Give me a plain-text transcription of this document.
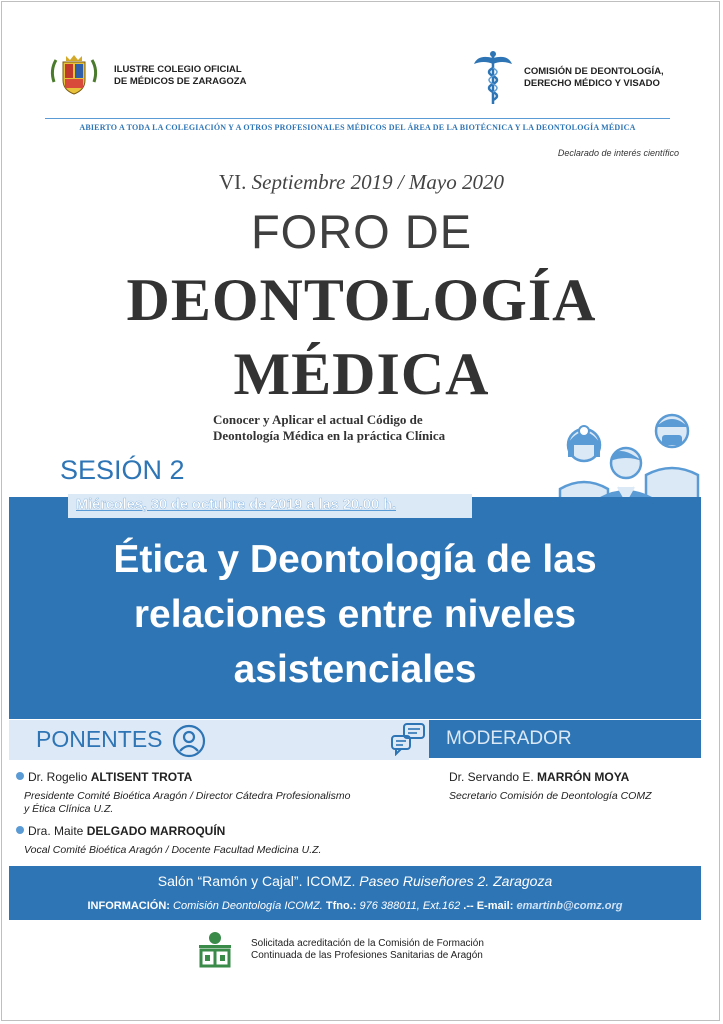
ILUSTRE COLEGIO OFICIAL
DE MÉDICOS DE ZARAGOZA
COMISIÓN DE DEONTOLOGÍA,
DERECHO MÉDICO Y VISADO
ABIERTO A TODA LA COLEGIACIÓN Y A OTROS PROFESIONALES MÉDICOS DEL ÁREA DE LA BIOTÉCNICA Y LA DEONTOLOGÍA MÉDICA
Declarado de interés científico
VI. Septiembre 2019 / Mayo 2020
FORO DE
DEONTOLOGÍA
MÉDICA
Conocer y Aplicar el actual Código de
Deontología Médica en la práctica Clínica
SESIÓN 2
Miércoles, 30 de octubre de 2019 a las 20.00 h.
Ética y Deontología de las
relaciones entre niveles
asistenciales
PONENTES	MODERADOR
Dr. Rogelio ALTISENT TROTA
Presidente Comité Bioética Aragón / Director Cátedra Profesionalismo
y Ética Clínica U.Z.
Dra. Maite DELGADO MARROQUÍN
Vocal Comité Bioética Aragón / Docente Facultad Medicina U.Z.
Dr. Servando E. MARRÓN MOYA
Secretario Comisión de Deontología COMZ
Salón “Ramón y Cajal”. ICOMZ. Paseo Ruiseñores 2. Zaragoza
INFORMACIÓN: Comisión Deontología ICOMZ. Tfno.: 976 388011, Ext.162 .-- E-mail: emartinb@comz.org
Solicitada acreditación de la Comisión de Formación
Continuada de las Profesiones Sanitarias de Aragón
